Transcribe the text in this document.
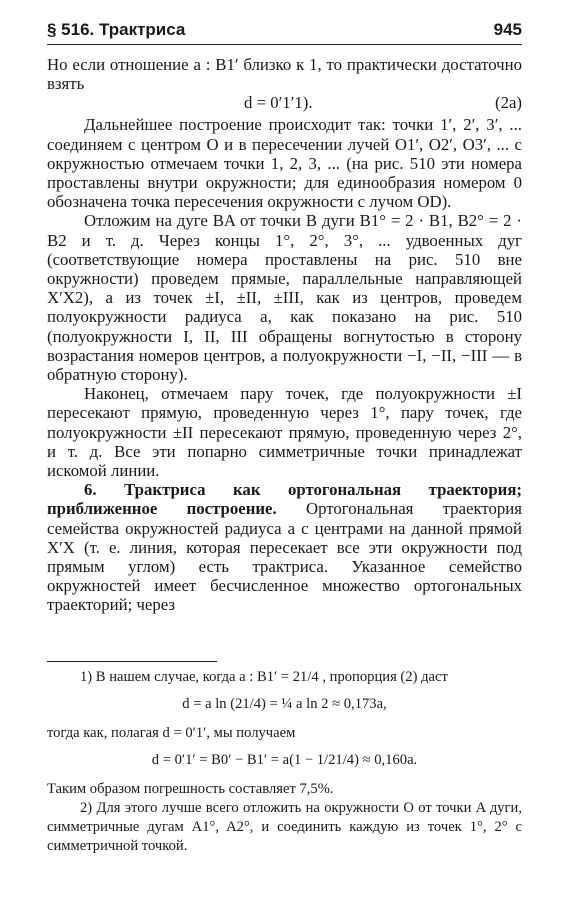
§ 516. Трактриса	945

Но если отношение a : B1′ близко к 1, то практически достаточно взять

d = 0′1′1).	(2a)

Дальнейшее построение происходит так: точки 1′, 2′, 3′, ... соединяем с центром O и в пересечении лучей O1′, O2′, O3′, ... с окружностью отмечаем точки 1, 2, 3, ... (на рис. 510 эти номера проставлены внутри окружности; для единообразия номером 0 обозначена точка пересечения окружности с лучом OD).

Отложим на дуге BA от точки B дуги B1° = 2 · B1, B2° = 2 · B2 и т. д. Через концы 1°, 2°, 3°, ... удвоенных дуг (соответствующие номера проставлены на рис. 510 вне окружности) проведем прямые, параллельные направляющей X′X2), а из точек ±I, ±II, ±III, как из центров, проведем полуокружности радиуса a, как показано на рис. 510 (полуокружности I, II, III обращены вогнутостью в сторону возрастания номеров центров, а полуокружности −I, −II, −III — в обратную сторону).

Наконец, отмечаем пару точек, где полуокружности ±I пересекают прямую, проведенную через 1°, пару точек, где полуокружности ±II пересекают прямую, проведенную через 2°, и т. д. Все эти попарно симметричные точки принадлежат искомой линии.

6. Трактриса как ортогональная траектория; приближенное построение. Ортогональная траектория семейства окружностей радиуса a с центрами на данной прямой X′X (т. е. линия, которая пересекает все эти окружности под прямым углом) есть трактриса. Указанное семейство окружностей имеет бесчисленное множество ортогональных траекторий; через

1) В нашем случае, когда a : B1′ = 21/4 , пропорция (2) даст

d = a ln (21/4) = ¼ a ln 2 ≈ 0,173a,

тогда как, полагая d = 0′1′, мы получаем

d = 0′1′ = B0′ − B1′ = a(1 − 1/21/4) ≈ 0,160a.

Таким образом погрешность составляет 7,5%.

2) Для этого лучше всего отложить на окружности O от точки A дуги, симметричные дугам A1°, A2°, и соединить каждую из точек 1°, 2° с симметричной точкой.
